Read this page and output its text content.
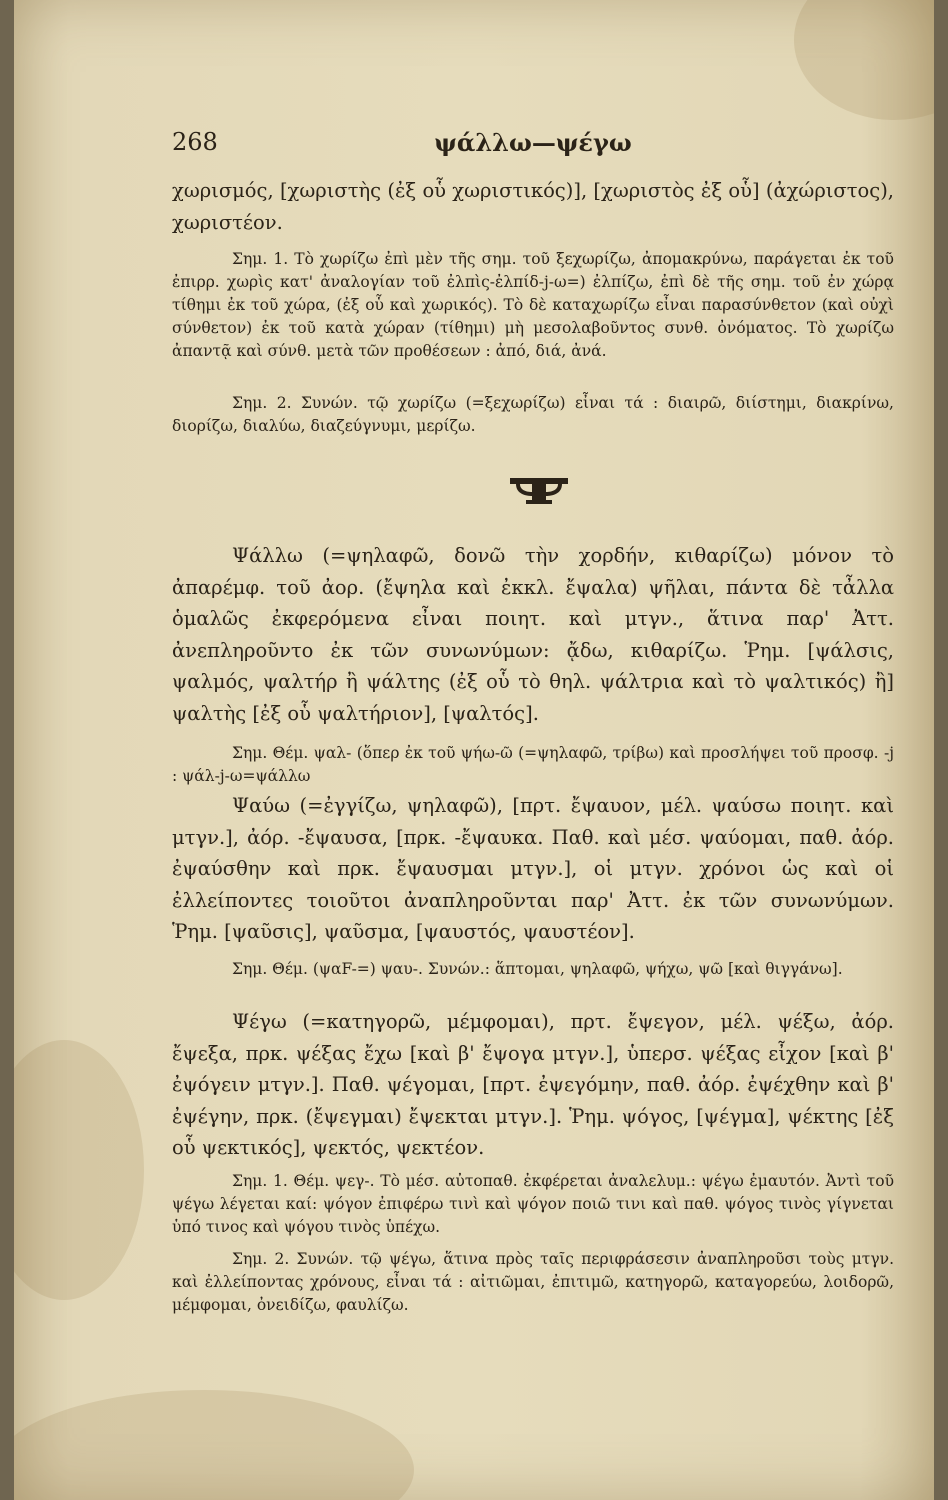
268	ψάλλω—ψέγω

χωρισμός, [χωριστὴς (ἐξ οὗ χωριστικός)], [χωριστὸς ἐξ οὗ] (ἀχώριστος), χωριστέον.

Σημ. 1. Τὸ χωρίζω ἐπὶ μὲν τῆς σημ. τοῦ ξεχωρίζω, ἀπομακρύνω, παράγεται ἐκ τοῦ ἐπιρρ. χωρὶς κατ' ἀναλογίαν τοῦ ἐλπὶς-ἐλπίδ-j-ω=) ἐλπίζω, ἐπὶ δὲ τῆς σημ. τοῦ ἐν χώρᾳ τίθημι ἐκ τοῦ χώρα, (ἐξ οὗ καὶ χωρικός). Τὸ δὲ καταχωρίζω εἶναι παρασύνθετον (καὶ οὐχὶ σύνθετον) ἐκ τοῦ κατὰ χώραν (τίθημι) μὴ μεσολαβοῦντος συνθ. ὀνόματος. Τὸ χωρίζω ἀπαντᾷ καὶ σύνθ. μετὰ τῶν προθέσεων : ἀπό, διά, ἀνά.

Σημ. 2. Συνών. τῷ χωρίζω (=ξεχωρίζω) εἶναι τά : διαιρῶ, διίστημι, διακρίνω, διορίζω, διαλύω, διαζεύγνυμι, μερίζω.

Ψάλλω (=ψηλαφῶ, δονῶ τὴν χορδήν, κιθαρίζω) μόνον τὸ ἀπαρέμφ. τοῦ ἀορ. (ἔψηλα καὶ ἐκκλ. ἔψαλα) ψῆλαι, πάντα δὲ τἆλλα ὁμαλῶς ἐκφερόμενα εἶναι ποιητ. καὶ μτγν., ἅτινα παρ' Ἀττ. ἀνεπληροῦντο ἐκ τῶν συνωνύμων: ᾄδω, κιθαρίζω. Ῥημ. [ψάλσις, ψαλμός, ψαλτήρ ἢ ψάλτης (ἐξ οὗ τὸ θηλ. ψάλτρια καὶ τὸ ψαλτικός) ἢ] ψαλτὴς [ἐξ οὗ ψαλτήριον], [ψαλτός].

Σημ. Θέμ. ψαλ- (ὅπερ ἐκ τοῦ ψήω-ῶ (=ψηλαφῶ, τρίβω) καὶ προσλήψει τοῦ προσφ. -j : ψάλ-j-ω=ψάλλω

Ψαύω (=ἐγγίζω, ψηλαφῶ), [πρτ. ἔψαυον, μέλ. ψαύσω ποιητ. καὶ μτγν.], ἀόρ. -ἔψαυσα, [πρκ. -ἔψαυκα. Παθ. καὶ μέσ. ψαύομαι, παθ. ἀόρ. ἐψαύσθην καὶ πρκ. ἔψαυσμαι μτγν.], οἱ μτγν. χρόνοι ὡς καὶ οἱ ἐλλείποντες τοιοῦτοι ἀναπληροῦνται παρ' Ἀττ. ἐκ τῶν συνωνύμων. Ῥημ. [ψαῦσις], ψαῦσμα, [ψαυστός, ψαυστέον].

Σημ. Θέμ. (ψαF-=) ψαυ-. Συνών.: ἅπτομαι, ψηλαφῶ, ψήχω, ψῶ [καὶ θιγγάνω].

Ψέγω (=κατηγορῶ, μέμφομαι), πρτ. ἔψεγον, μέλ. ψέξω, ἀόρ. ἔψεξα, πρκ. ψέξας ἔχω [καὶ β' ἔψογα μτγν.], ὑπερσ. ψέξας εἶχον [καὶ β' ἐψόγειν μτγν.]. Παθ. ψέγομαι, [πρτ. ἐψεγόμην, παθ. ἀόρ. ἐψέχθην καὶ β' ἐψέγην, πρκ. (ἔψεγμαι) ἔψεκται μτγν.]. Ῥημ. ψόγος, [ψέγμα], ψέκτης [ἐξ οὗ ψεκτικός], ψεκτός, ψεκτέον.

Σημ. 1. Θέμ. ψεγ-. Τὸ μέσ. αὐτοπαθ. ἐκφέρεται ἀναλελυμ.: ψέγω ἐμαυτόν. Ἀντὶ τοῦ ψέγω λέγεται καί: ψόγον ἐπιφέρω τινὶ καὶ ψόγον ποιῶ τινι καὶ παθ. ψόγος τινὸς γίγνεται ὑπό τινος καὶ ψόγου τινὸς ὑπέχω.

Σημ. 2. Συνών. τῷ ψέγω, ἅτινα πρὸς ταῖς περιφράσεσιν ἀναπληροῦσι τοὺς μτγν. καὶ ἐλλείποντας χρόνους, εἶναι τά : αἰτιῶμαι, ἐπιτιμῶ, κατηγορῶ, καταγορεύω, λοιδορῶ, μέμφομαι, ὀνειδίζω, φαυλίζω.
